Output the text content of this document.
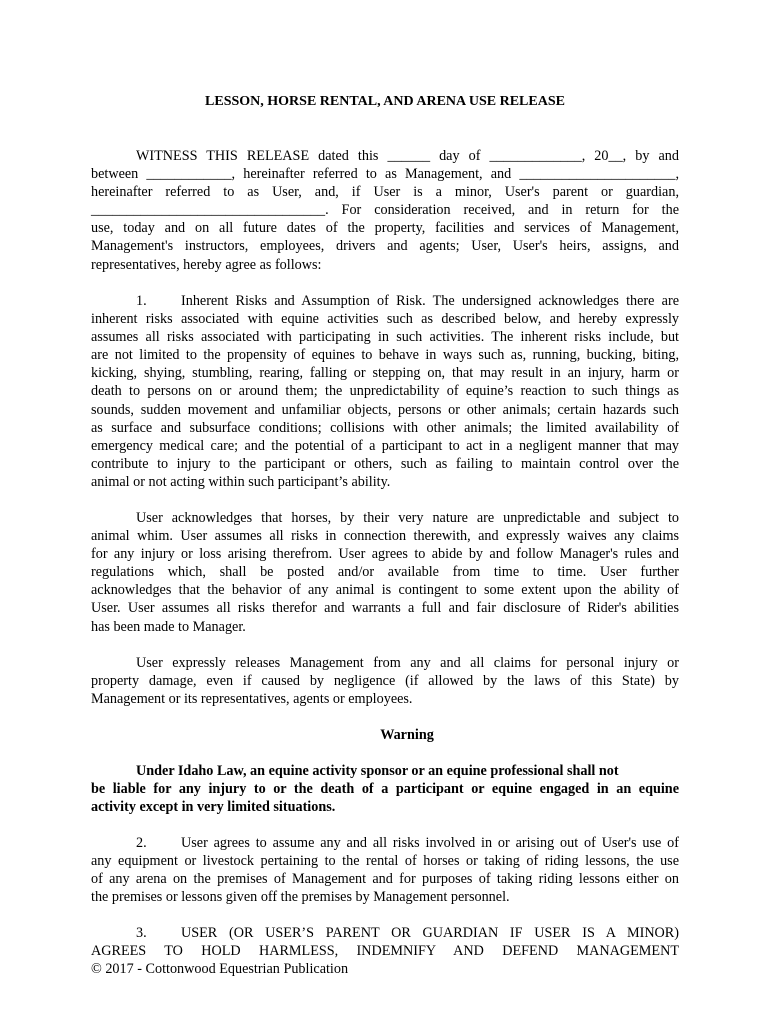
LESSON, HORSE RENTAL, AND ARENA USE RELEASE
WITNESS THIS RELEASE dated this ______ day of _____________, 20__, by and
between ____________, hereinafter referred to as Management, and ______________________,
hereinafter referred to as User, and, if User is a minor, User's parent or guardian,
_________________________________. For consideration received, and in return for the
use, today and on all future dates of the property, facilities and services of Management,
Management's instructors, employees, drivers and agents; User, User's heirs, assigns, and
representatives, hereby agree as follows:
1. Inherent Risks and Assumption of Risk. The undersigned acknowledges there are
inherent risks associated with equine activities such as described below, and hereby expressly
assumes all risks associated with participating in such activities. The inherent risks include, but
are not limited to the propensity of equines to behave in ways such as, running, bucking, biting,
kicking, shying, stumbling, rearing, falling or stepping on, that may result in an injury, harm or
death to persons on or around them; the unpredictability of equine’s reaction to such things as
sounds, sudden movement and unfamiliar objects, persons or other animals; certain hazards such
as surface and subsurface conditions; collisions with other animals; the limited availability of
emergency medical care; and the potential of a participant to act in a negligent manner that may
contribute to injury to the participant or others, such as failing to maintain control over the
animal or not acting within such participant’s ability.
User acknowledges that horses, by their very nature are unpredictable and subject to
animal whim. User assumes all risks in connection therewith, and expressly waives any claims
for any injury or loss arising therefrom. User agrees to abide by and follow Manager's rules and
regulations which, shall be posted and/or available from time to time. User further
acknowledges that the behavior of any animal is contingent to some extent upon the ability of
User. User assumes all risks therefor and warrants a full and fair disclosure of Rider's abilities
has been made to Manager.
User expressly releases Management from any and all claims for personal injury or
property damage, even if caused by negligence (if allowed by the laws of this State) by
Management or its representatives, agents or employees.
Warning
Under Idaho Law, an equine activity sponsor or an equine professional shall not
be liable for any injury to or the death of a participant or equine engaged in an equine
activity except in very limited situations.
2. User agrees to assume any and all risks involved in or arising out of User's use of
any equipment or livestock pertaining to the rental of horses or taking of riding lessons, the use
of any arena on the premises of Management and for purposes of taking riding lessons either on
the premises or lessons given off the premises by Management personnel.
3. USER (OR USER’S PARENT OR GUARDIAN IF USER IS A MINOR)
AGREES TO HOLD HARMLESS, INDEMNIFY AND DEFEND MANAGEMENT
© 2017 - Cottonwood Equestrian Publication
